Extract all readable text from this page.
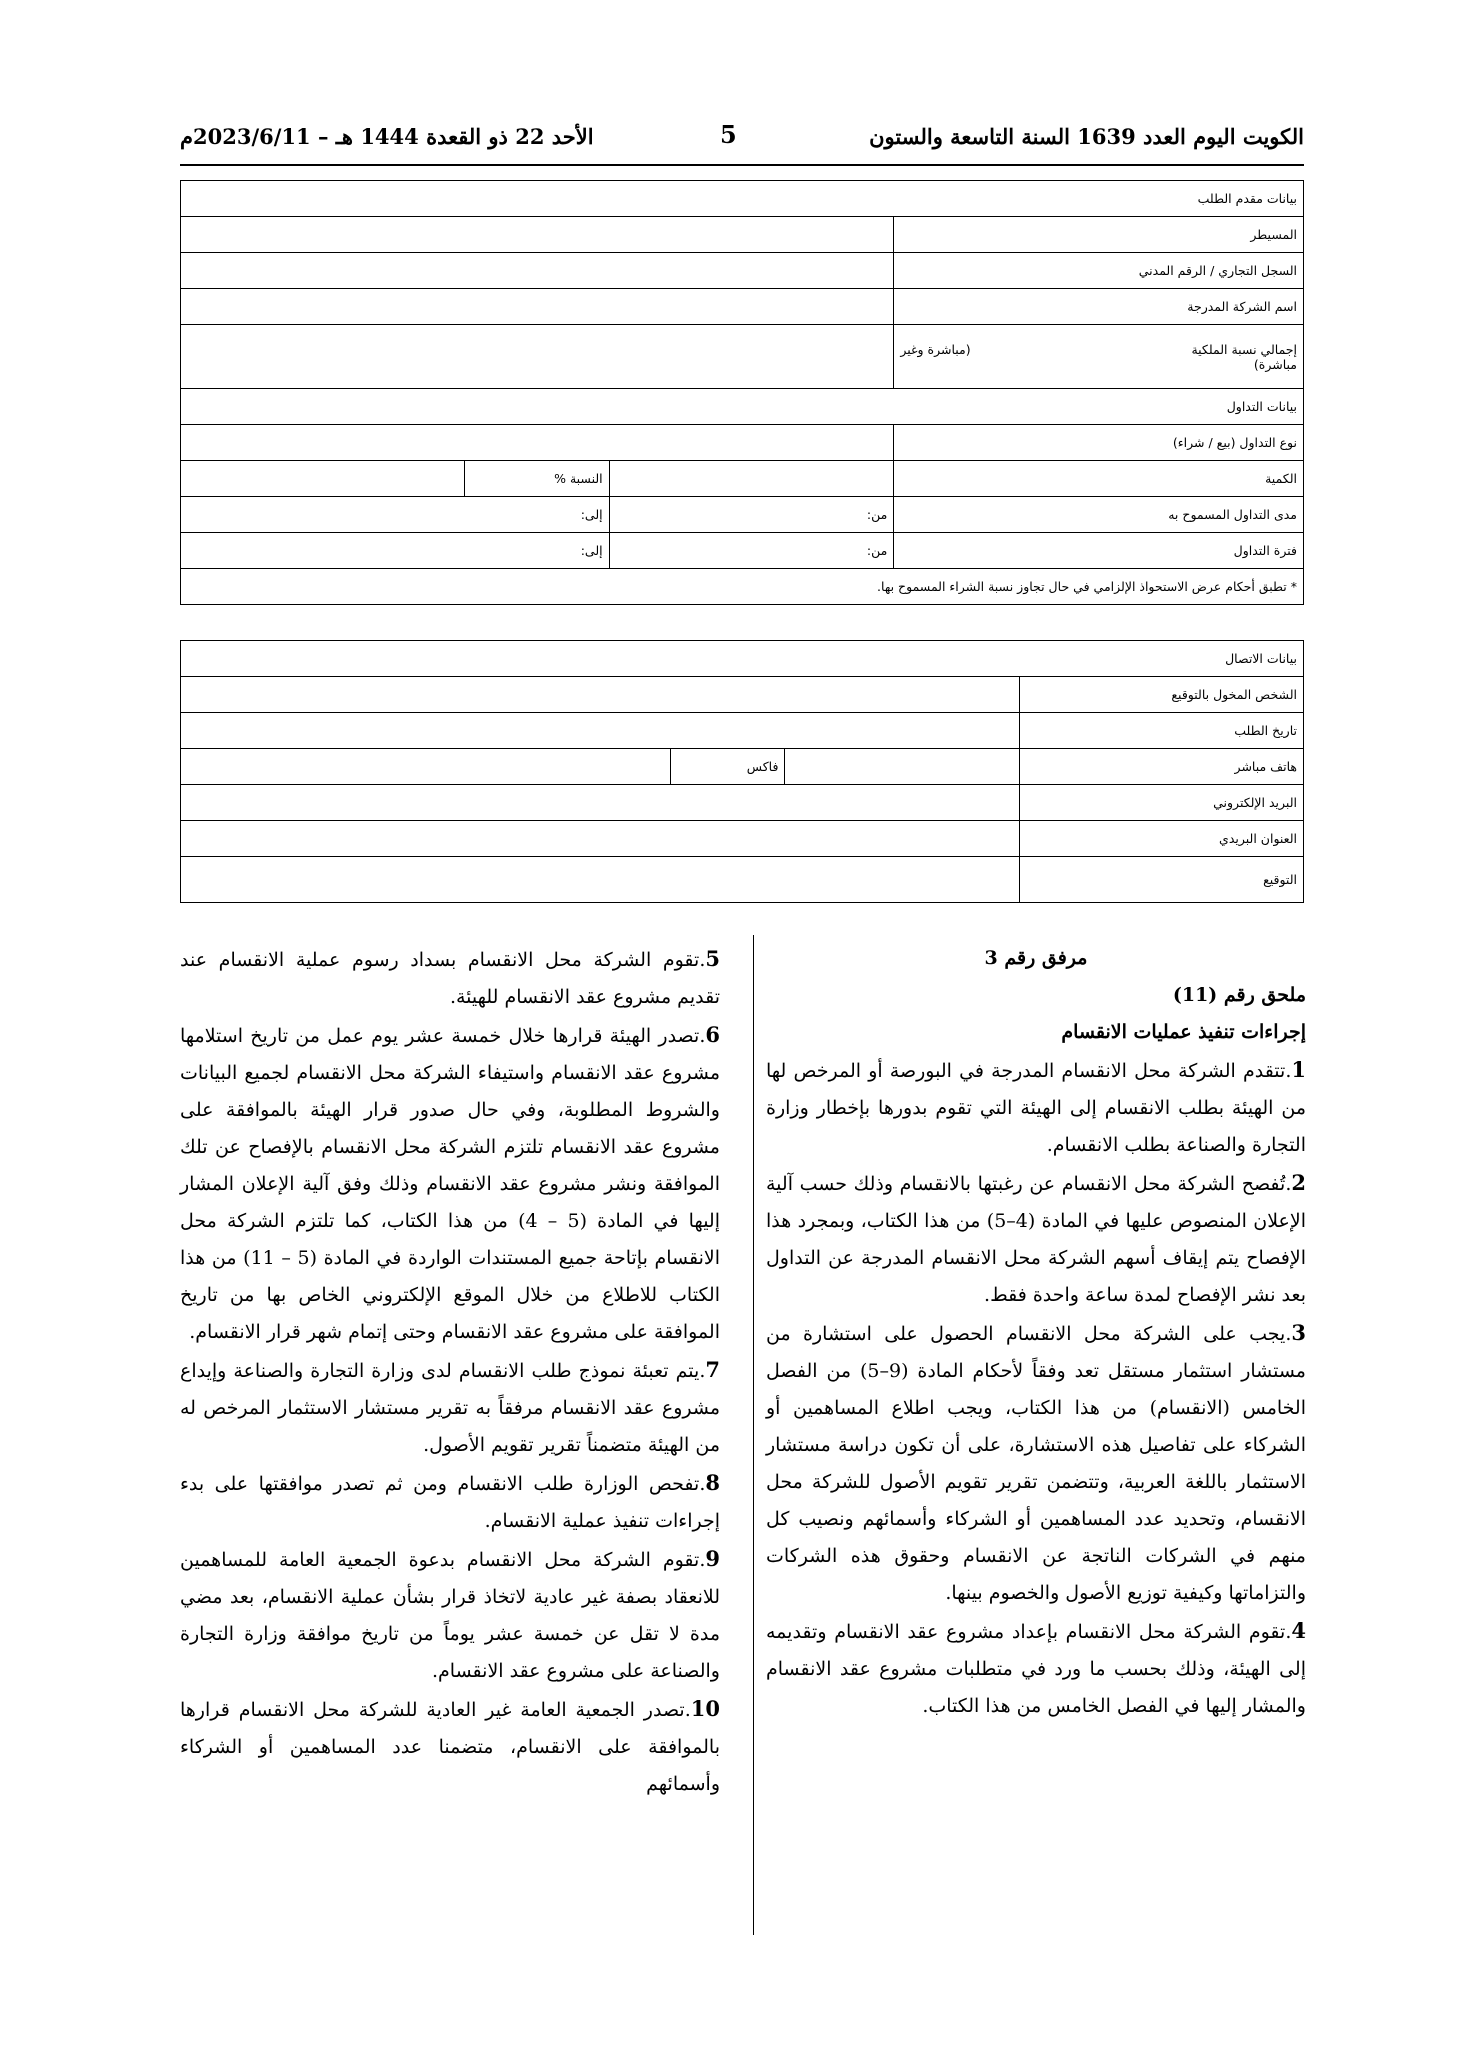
الكويت اليوم العدد 1639 السنة التاسعة والستون
5
الأحد 22 ذو القعدة 1444 هـ – 2023/6/11م
بيانات مقدم الطلب			
المسيطر			
السجل التجاري / الرقم المدني			
اسم الشركة المدرجة			

إجمالي نسبة الملكية
(مباشرة وغير
مباشرة)			

بيانات التداول			
نوع التداول (بيع / شراء)			
الكمية		النسبة %	
مدى التداول المسموح به	من:	إلى:	
فترة التداول	من:	إلى:	
* تطبق أحكام عرض الاستحواذ الإلزامي في حال تجاوز نسبة الشراء المسموح بها.			
بيانات الاتصال			
الشخص المخول بالتوقيع			
تاريخ الطلب			
هاتف مباشر		فاكس	
البريد الإلكتروني			
العنوان البريدي			
التوقيع			

مرفق رقم 3

ملحق رقم (11)

إجراءات تنفيذ عمليات الانقسام

1.تتقدم الشركة محل الانقسام المدرجة في البورصة أو المرخص لها من الهيئة بطلب الانقسام إلى الهيئة التي تقوم بدورها بإخطار وزارة التجارة والصناعة بطلب الانقسام.

2.تُفصح الشركة محل الانقسام عن رغبتها بالانقسام وذلك حسب آلية الإعلان المنصوص عليها في المادة (4–5) من هذا الكتاب، وبمجرد هذا الإفصاح يتم إيقاف أسهم الشركة محل الانقسام المدرجة عن التداول بعد نشر الإفصاح لمدة ساعة واحدة فقط.

3.يجب على الشركة محل الانقسام الحصول على استشارة من مستشار استثمار مستقل تعد وفقاً لأحكام المادة (9–5) من الفصل الخامس (الانقسام) من هذا الكتاب، ويجب اطلاع المساهمين أو الشركاء على تفاصيل هذه الاستشارة، على أن تكون دراسة مستشار الاستثمار باللغة العربية، وتتضمن تقرير تقويم الأصول للشركة محل الانقسام، وتحديد عدد المساهمين أو الشركاء وأسمائهم ونصيب كل منهم في الشركات الناتجة عن الانقسام وحقوق هذه الشركات والتزاماتها وكيفية توزيع الأصول والخصوم بينها.

4.تقوم الشركة محل الانقسام بإعداد مشروع عقد الانقسام وتقديمه إلى الهيئة، وذلك بحسب ما ورد في متطلبات مشروع عقد الانقسام والمشار إليها في الفصل الخامس من هذا الكتاب.

5.تقوم الشركة محل الانقسام بسداد رسوم عملية الانقسام عند تقديم مشروع عقد الانقسام للهيئة.

6.تصدر الهيئة قرارها خلال خمسة عشر يوم عمل من تاريخ استلامها مشروع عقد الانقسام واستيفاء الشركة محل الانقسام لجميع البيانات والشروط المطلوبة، وفي حال صدور قرار الهيئة بالموافقة على مشروع عقد الانقسام تلتزم الشركة محل الانقسام بالإفصاح عن تلك الموافقة ونشر مشروع عقد الانقسام وذلك وفق آلية الإعلان المشار إليها في المادة (5 – 4) من هذا الكتاب، كما تلتزم الشركة محل الانقسام بإتاحة جميع المستندات الواردة في المادة (5 – 11) من هذا الكتاب للاطلاع من خلال الموقع الإلكتروني الخاص بها من تاريخ الموافقة على مشروع عقد الانقسام وحتى إتمام شهر قرار الانقسام.

7.يتم تعبئة نموذج طلب الانقسام لدى وزارة التجارة والصناعة وإيداع مشروع عقد الانقسام مرفقاً به تقرير مستشار الاستثمار المرخص له من الهيئة متضمناً تقرير تقويم الأصول.

8.تفحص الوزارة طلب الانقسام ومن ثم تصدر موافقتها على بدء إجراءات تنفيذ عملية الانقسام.

9.تقوم الشركة محل الانقسام بدعوة الجمعية العامة للمساهمين للانعقاد بصفة غير عادية لاتخاذ قرار بشأن عملية الانقسام، بعد مضي مدة لا تقل عن خمسة عشر يوماً من تاريخ موافقة وزارة التجارة والصناعة على مشروع عقد الانقسام.

10.تصدر الجمعية العامة غير العادية للشركة محل الانقسام قرارها بالموافقة على الانقسام، متضمنا عدد المساهمين أو الشركاء وأسمائهم
